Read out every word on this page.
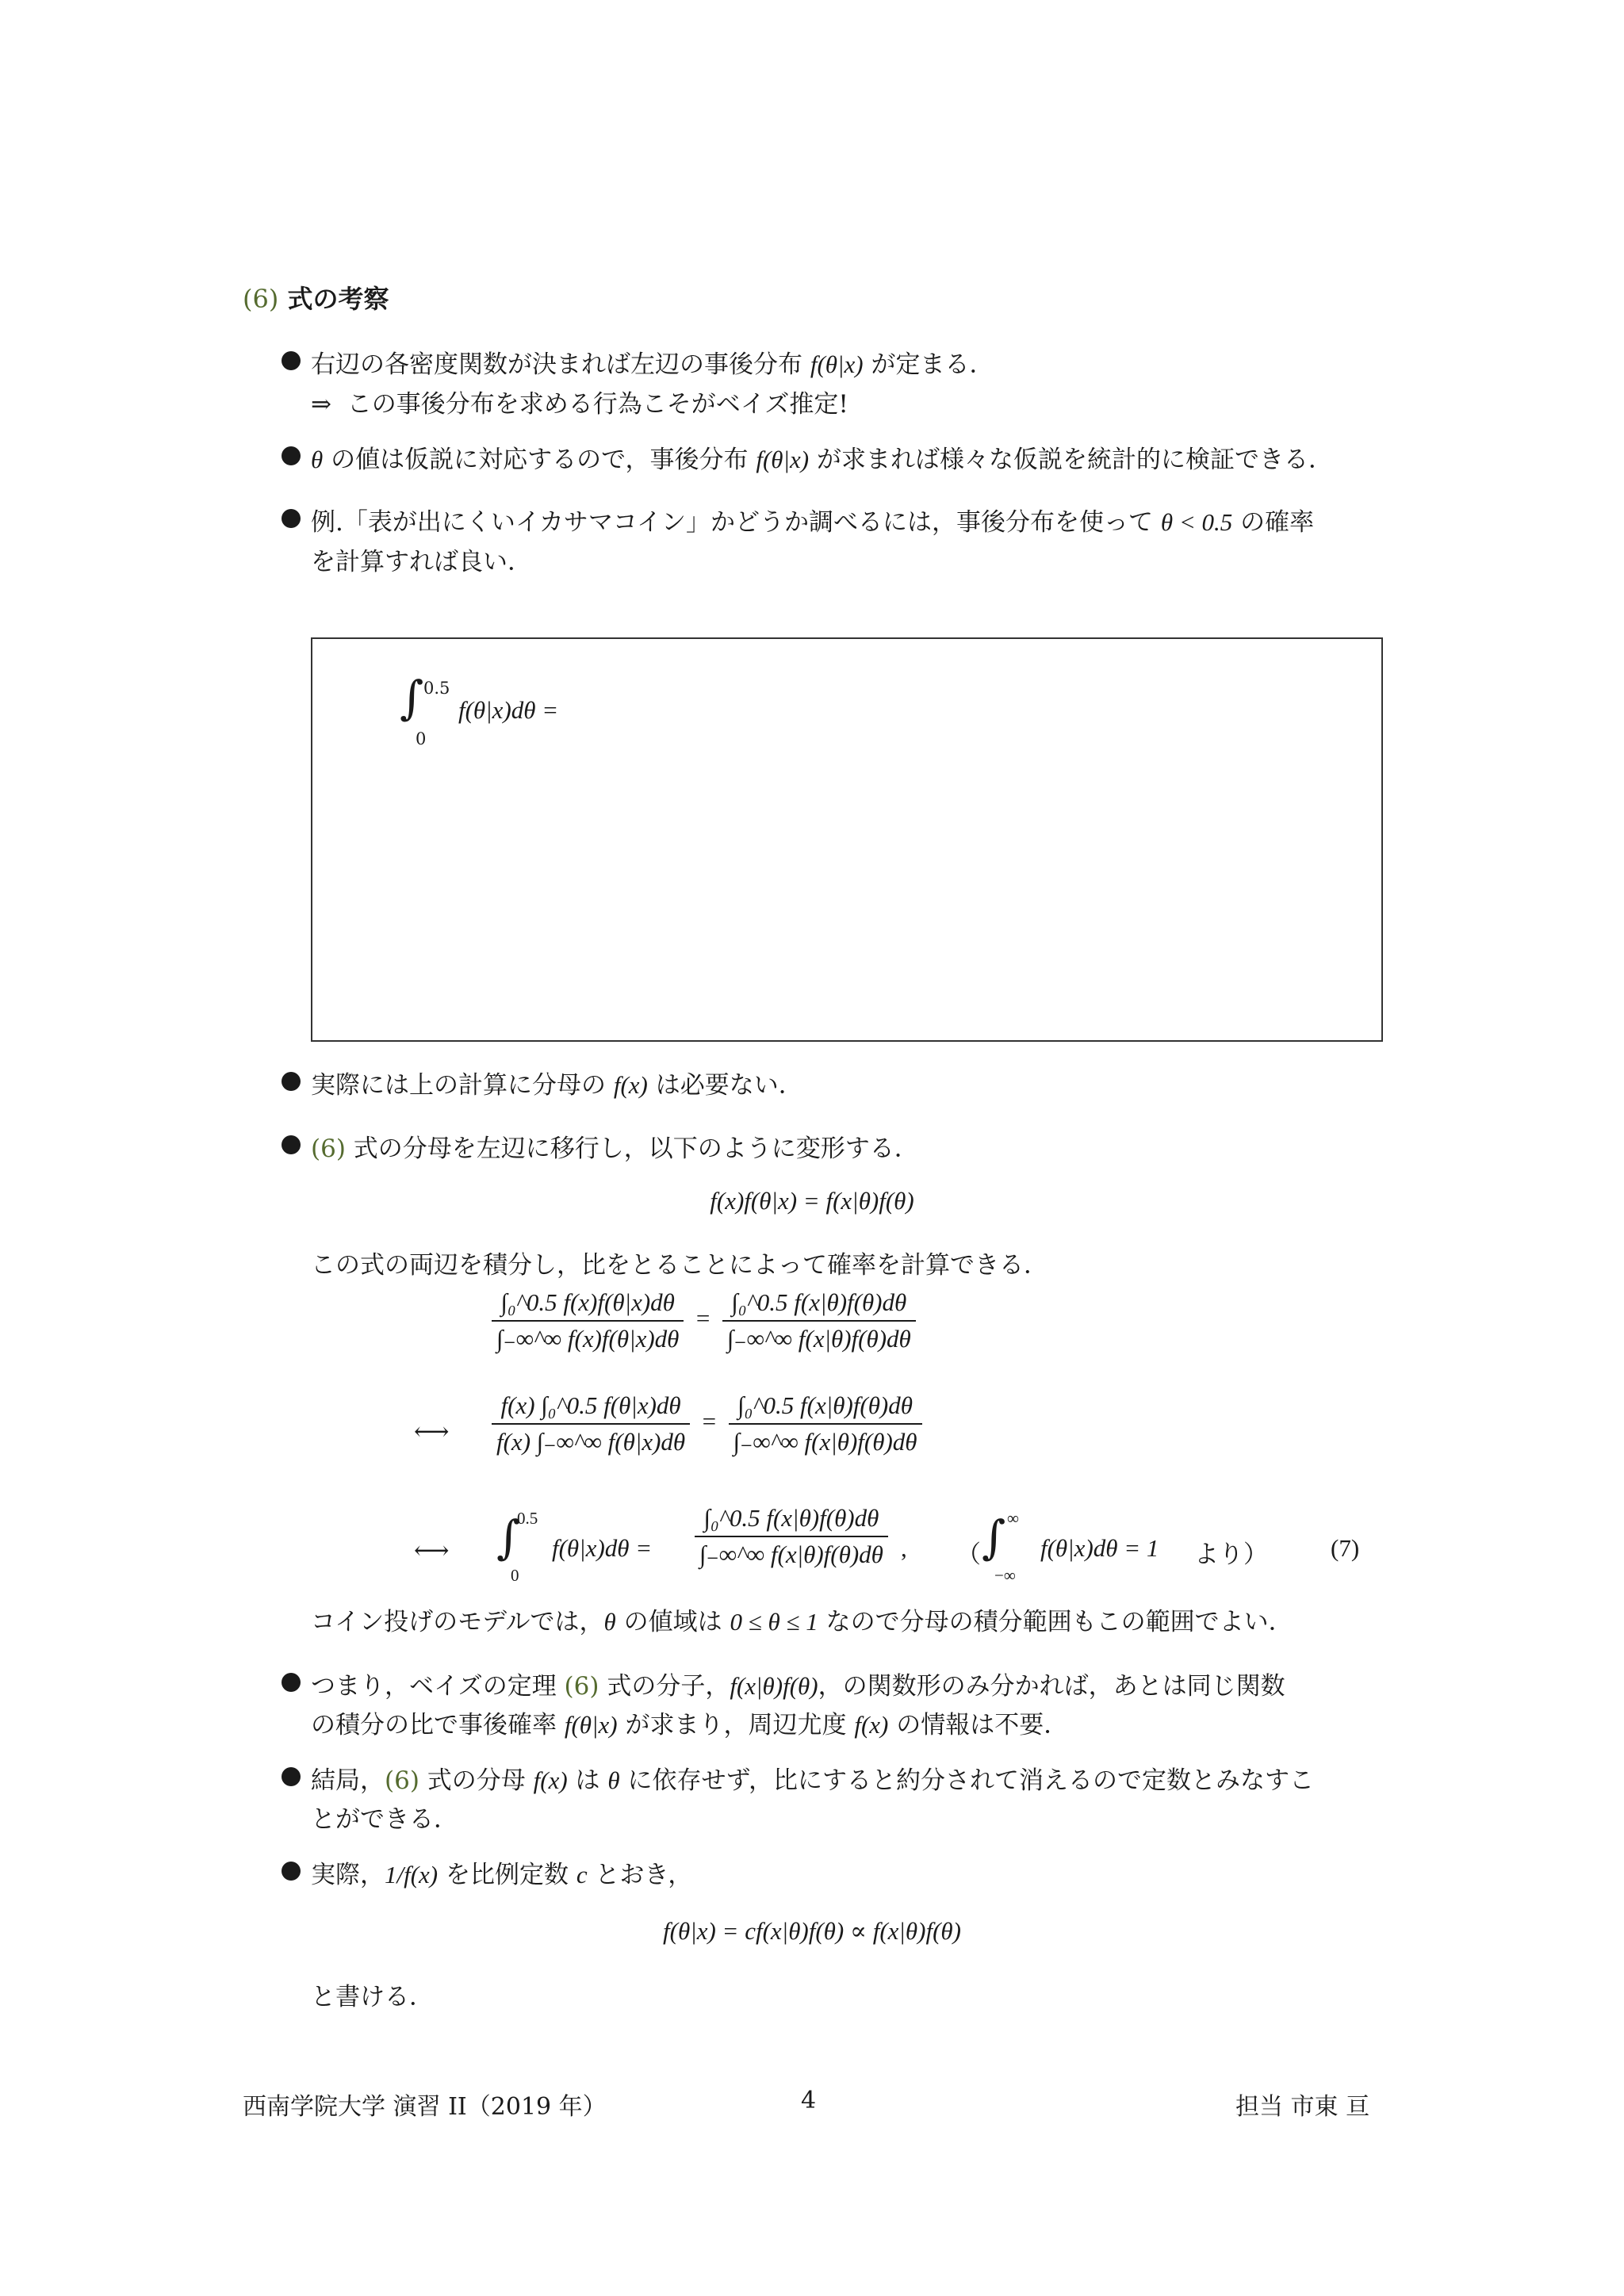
(6) 式の考察
右辺の各密度関数が決まれば左辺の事後分布 f(θ|x) が定まる．
⇒ この事後分布を求める行為こそがベイズ推定!
θ の値は仮説に対応するので，事後分布 f(θ|x) が求まれば様々な仮説を統計的に検証できる．
例.「表が出にくいイカサマコイン」かどうか調べるには，事後分布を使って θ < 0.5 の確率
を計算すれば良い．
∫ 0.5
0
f(θ|x)dθ =
実際には上の計算に分母の f(x) は必要ない．
(6) 式の分母を左辺に移行し，以下のように変形する．
f(x)f(θ|x) = f(x|θ)f(θ)
この式の両辺を積分し，比をとることによって確率を計算できる．
$\frac{\text{∫₀\textasciicircum{}0.5 f(x)f(θ|x)dθ}}{\int_-\infty\^{}\infty f(x)f(\theta|x)d\theta} = \frac{\text{∫₀\textasciicircum{}0.5 f(x|θ)f(θ)dθ}}{\int_-\infty\^{}\infty f(x|\theta)f(\theta)d\theta}$
⟷ $\frac{\text{f(x) ∫₀\textasciicircum{}0.5 f(θ|x)dθ}}{f(x) \int_-\infty\^{}\infty f(\theta|x)d\theta} = \frac{\text{∫₀\textasciicircum{}0.5 f(x|θ)f(θ)dθ}}{\int_-\infty\^{}\infty f(x|\theta)f(\theta)d\theta}$
⟷ ∫
0.5
0
$f(\theta|x)d\theta = \frac{\text{∫₀\textasciicircum{}0.5 f(x|θ)f(θ)dθ}}{\int_-\infty\^{}\infty f(x|\theta)f(\theta)d\theta}$ , （ ∫ ∞
−∞
f(θ|x)dθ = 1 より）	(7)
コイン投げのモデルでは，θ の値域は 0 ≤ θ ≤ 1 なので分母の積分範囲もこの範囲でよい．
つまり，ベイズの定理 (6) 式の分子，f(x|θ)f(θ)，の関数形のみ分かれば，あとは同じ関数
の積分の比で事後確率 f(θ|x) が求まり，周辺尤度 f(x) の情報は不要．
結局，(6) 式の分母 f(x) は θ に依存せず，比にすると約分されて消えるので定数とみなすこ
とができる．
実際，1/f(x) を比例定数 c とおき，
f(θ|x) = cf(x|θ)f(θ) ∝ f(x|θ)f(θ)
と書ける．
西南学院大学 演習 II（2019 年）	4	担当 市東 亘
